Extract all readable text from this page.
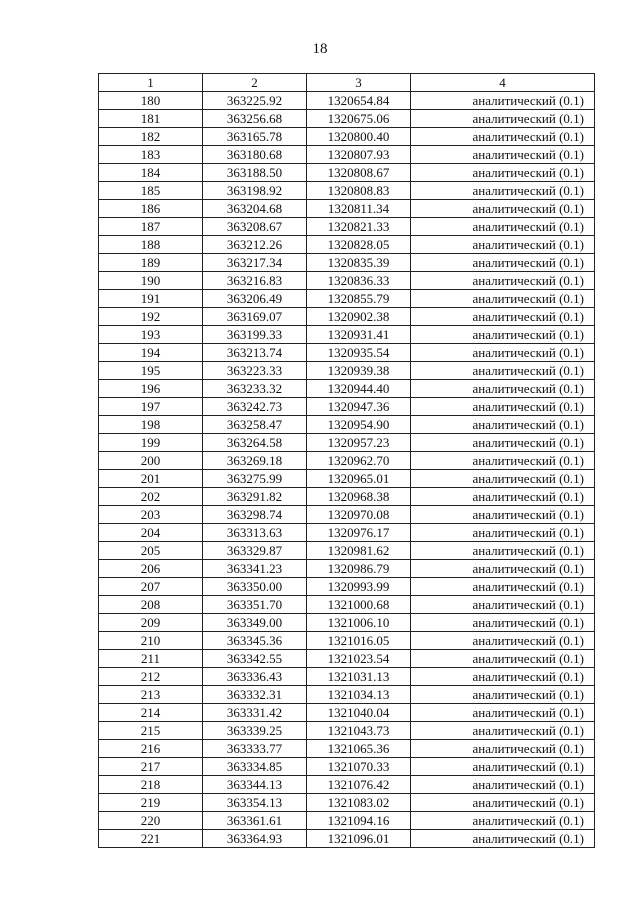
18
1	2	3	4
180	363225.92	1320654.84	аналитический (0.1)
181	363256.68	1320675.06	аналитический (0.1)
182	363165.78	1320800.40	аналитический (0.1)
183	363180.68	1320807.93	аналитический (0.1)
184	363188.50	1320808.67	аналитический (0.1)
185	363198.92	1320808.83	аналитический (0.1)
186	363204.68	1320811.34	аналитический (0.1)
187	363208.67	1320821.33	аналитический (0.1)
188	363212.26	1320828.05	аналитический (0.1)
189	363217.34	1320835.39	аналитический (0.1)
190	363216.83	1320836.33	аналитический (0.1)
191	363206.49	1320855.79	аналитический (0.1)
192	363169.07	1320902.38	аналитический (0.1)
193	363199.33	1320931.41	аналитический (0.1)
194	363213.74	1320935.54	аналитический (0.1)
195	363223.33	1320939.38	аналитический (0.1)
196	363233.32	1320944.40	аналитический (0.1)
197	363242.73	1320947.36	аналитический (0.1)
198	363258.47	1320954.90	аналитический (0.1)
199	363264.58	1320957.23	аналитический (0.1)
200	363269.18	1320962.70	аналитический (0.1)
201	363275.99	1320965.01	аналитический (0.1)
202	363291.82	1320968.38	аналитический (0.1)
203	363298.74	1320970.08	аналитический (0.1)
204	363313.63	1320976.17	аналитический (0.1)
205	363329.87	1320981.62	аналитический (0.1)
206	363341.23	1320986.79	аналитический (0.1)
207	363350.00	1320993.99	аналитический (0.1)
208	363351.70	1321000.68	аналитический (0.1)
209	363349.00	1321006.10	аналитический (0.1)
210	363345.36	1321016.05	аналитический (0.1)
211	363342.55	1321023.54	аналитический (0.1)
212	363336.43	1321031.13	аналитический (0.1)
213	363332.31	1321034.13	аналитический (0.1)
214	363331.42	1321040.04	аналитический (0.1)
215	363339.25	1321043.73	аналитический (0.1)
216	363333.77	1321065.36	аналитический (0.1)
217	363334.85	1321070.33	аналитический (0.1)
218	363344.13	1321076.42	аналитический (0.1)
219	363354.13	1321083.02	аналитический (0.1)
220	363361.61	1321094.16	аналитический (0.1)
221	363364.93	1321096.01	аналитический (0.1)
